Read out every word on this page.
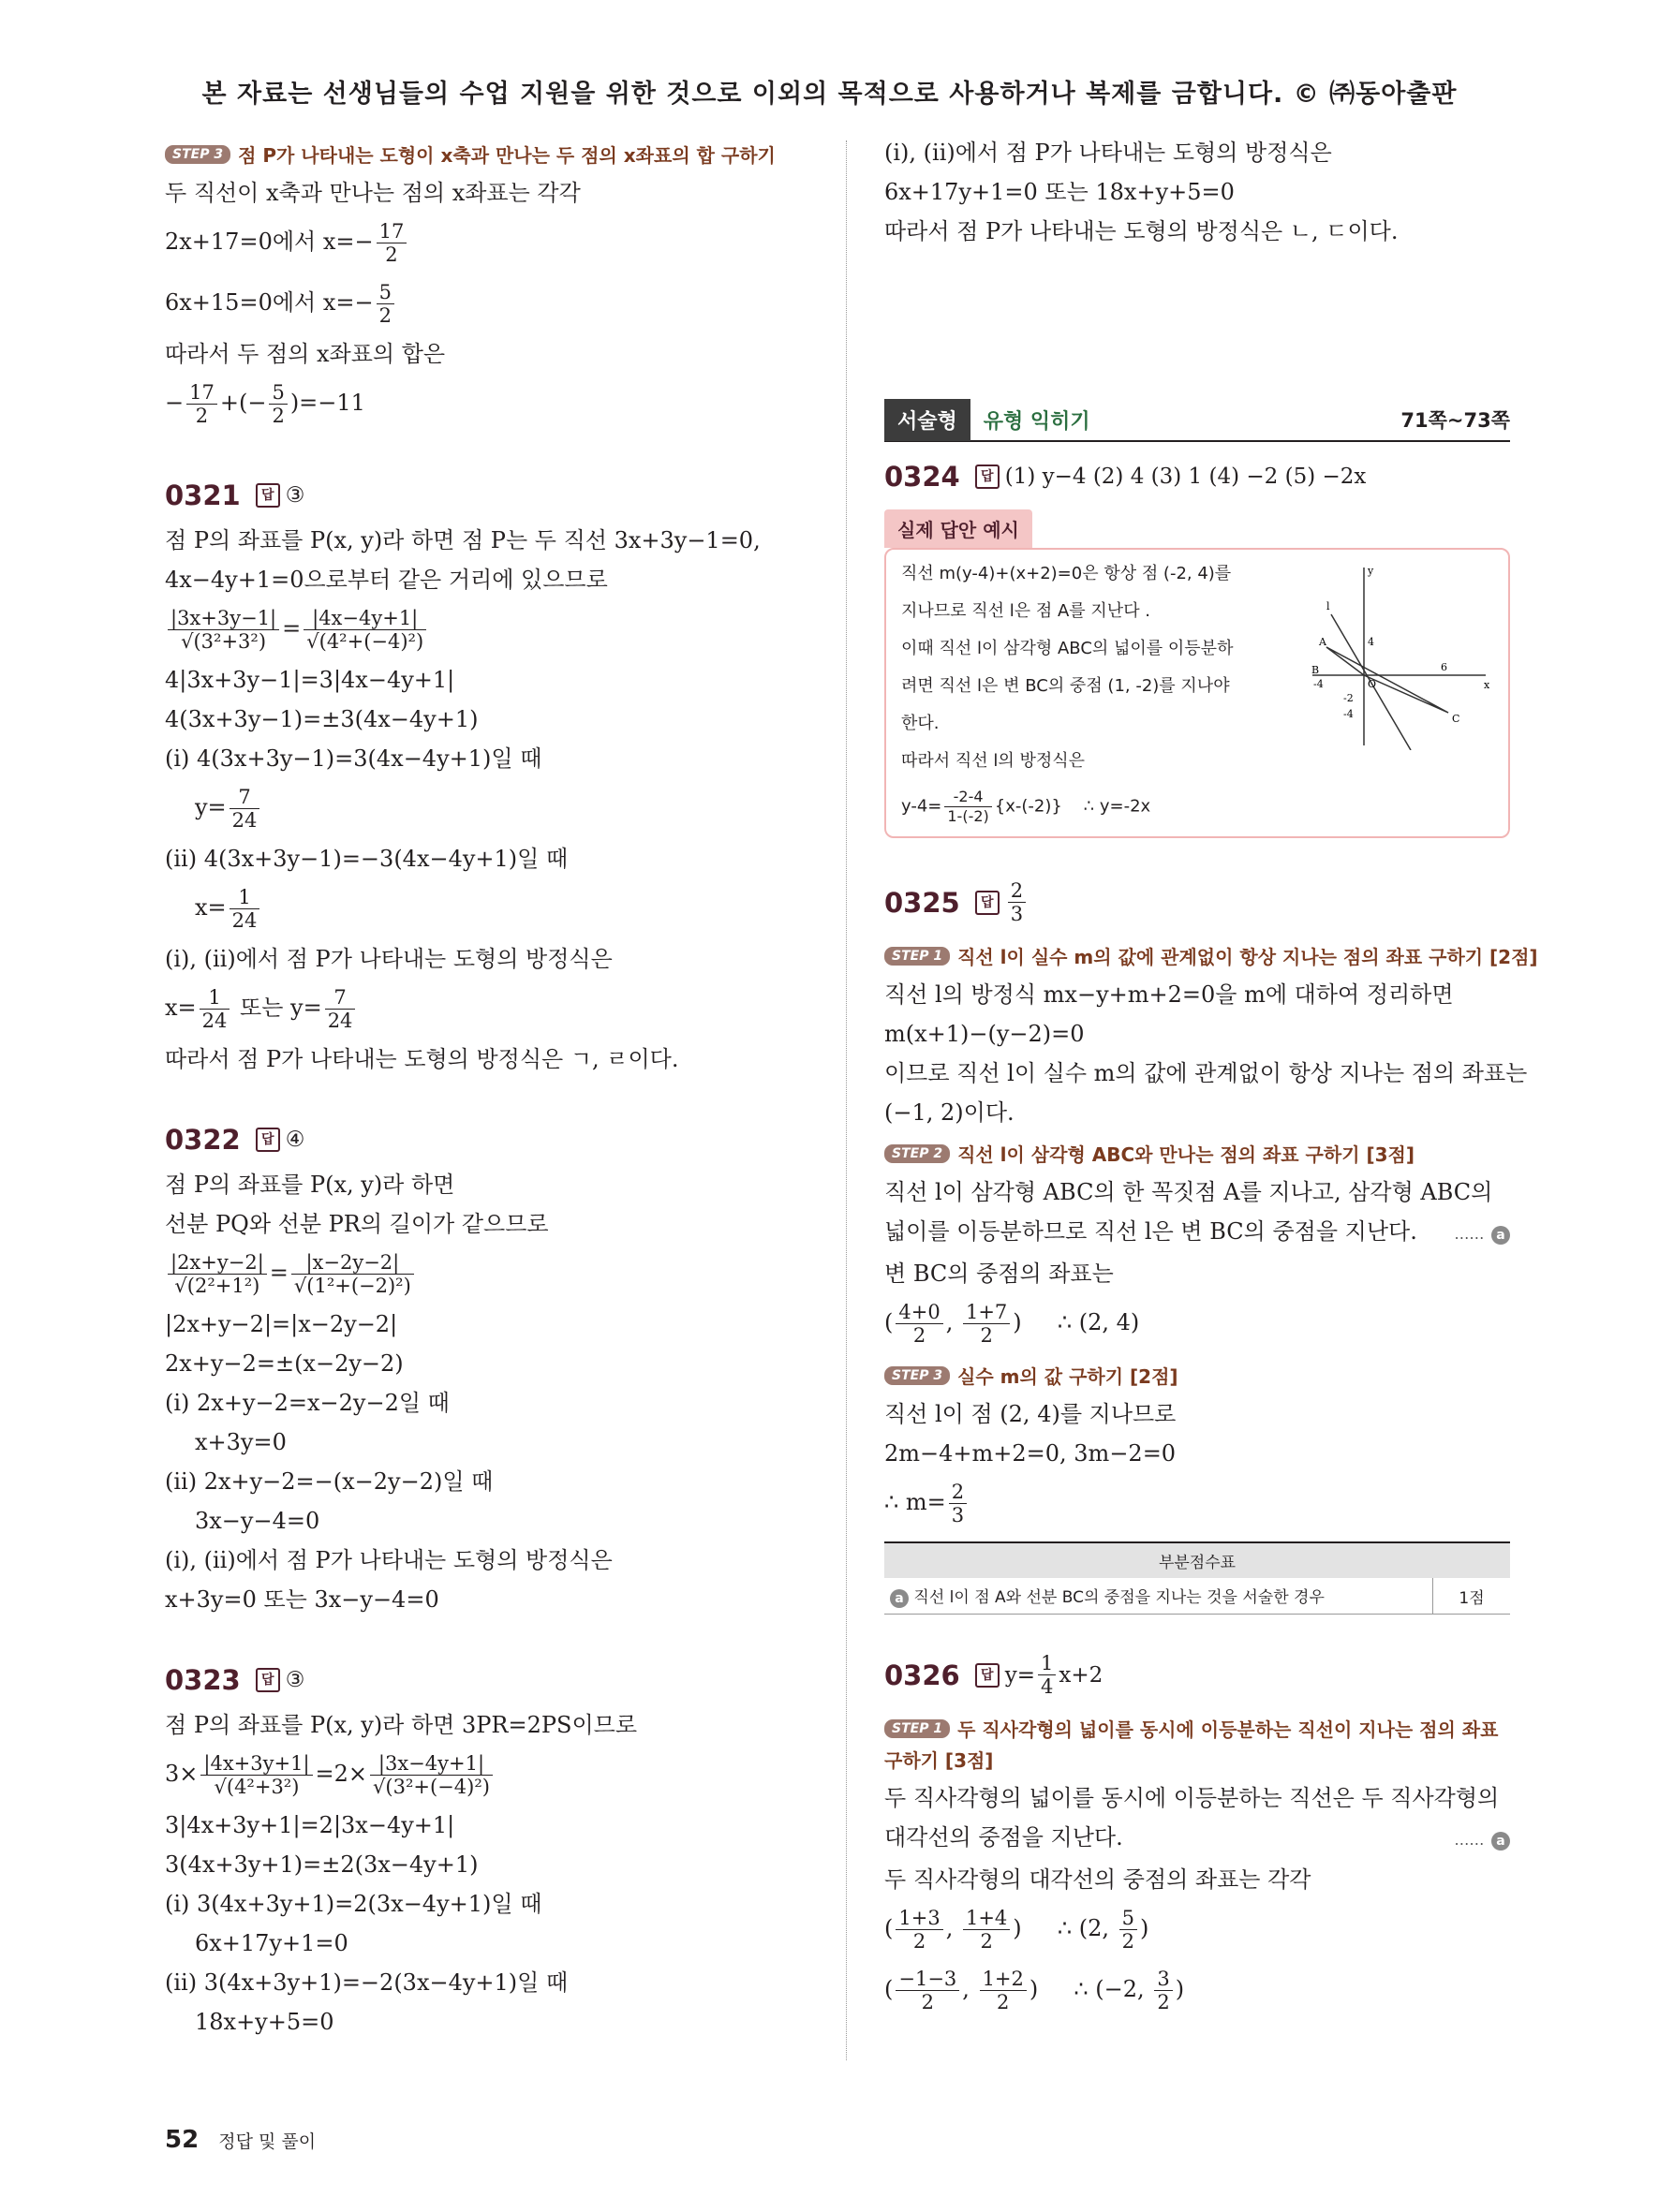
본 자료는 선생님들의 수업 지원을 위한 것으로 이외의 목적으로 사용하거나 복제를 금합니다. © ㈜동아출판
STEP 3 점 P가 나타내는 도형이 x축과 만나는 두 점의 x좌표의 합 구하기
두 직선이 x축과 만나는 점의 x좌표는 각각
2x+17=0에서 $x=- \frac{17}{2}$
6x+15=0에서 $x=- \frac{5}{2}$
따라서 두 점의 x좌표의 합은
− $\frac{17}{2}$ +(− $\frac{5}{2} )=-11$
0321	답 ③
점 P의 좌표를 P(x, y)라 하면 점 P는 두 직선 3x+3y−1=0,
4x−4y+1=0으로부터 같은 거리에 있으므로
$\frac{|3x+3y-1|}{\text{√(3²+3²)}} = \frac{|4x-4y+1|}{\text{√(4²+(−4)²)}}$
4|3x+3y−1|=3|4x−4y+1|
4(3x+3y−1)=±3(4x−4y+1)
(ⅰ) 4(3x+3y−1)=3(4x−4y+1)일 때
$y= \frac{7}{24}$
(ⅱ) 4(3x+3y−1)=−3(4x−4y+1)일 때
$x= \frac{1}{24}$
(ⅰ), (ⅱ)에서 점 P가 나타내는 도형의 방정식은
$x= \frac{1}{24}$ 또는 $y= \frac{7}{24}$
따라서 점 P가 나타내는 도형의 방정식은 ㄱ, ㄹ이다.
0322	답 ④
점 P의 좌표를 P(x, y)라 하면
선분 PQ와 선분 PR의 길이가 같으므로
$\frac{|2x+y-2|}{\text{√(2²+1²)}} = \frac{|x-2y-2|}{\text{√(1²+(−2)²)}}$
|2x+y−2|=|x−2y−2|
2x+y−2=±(x−2y−2)
(ⅰ) 2x+y−2=x−2y−2일 때
x+3y=0
(ⅱ) 2x+y−2=−(x−2y−2)일 때
3x−y−4=0
(ⅰ), (ⅱ)에서 점 P가 나타내는 도형의 방정식은
x+3y=0 또는 3x−y−4=0
0323	답 ③
점 P의 좌표를 P(x, y)라 하면 3PR=2PS이므로
$3\times \frac{|4x+3y+1|}{\text{√(4²+3²)}} =2\times \frac{|3x-4y+1|}{\text{√(3²+(−4)²)}}$
3|4x+3y+1|=2|3x−4y+1|
3(4x+3y+1)=±2(3x−4y+1)
(ⅰ) 3(4x+3y+1)=2(3x−4y+1)일 때
6x+17y+1=0
(ⅱ) 3(4x+3y+1)=−2(3x−4y+1)일 때
18x+y+5=0
(ⅰ), (ⅱ)에서 점 P가 나타내는 도형의 방정식은
6x+17y+1=0 또는 18x+y+5=0
따라서 점 P가 나타내는 도형의 방정식은 ㄴ, ㄷ이다.
서술형	유형 익히기	71쪽~73쪽
0324	답 (1) y−4 (2) 4 (3) 1 (4) −2 (5) −2x
실제 답안 예시
직선 m(y-4)+(x+2)=0은 항상 점 (-2, 4)를
지나므로 직선 l은 점 A를 지난다 .
이때 직선 l이 삼각형 ABC의 넓이를 이등분하
려면 직선 l은 변 BC의 중점 (1, -2)를 지나야
한다.
따라서 직선 l의 방정식은
$y-4= \frac{-2-4}{1-(-2)} \{x-(-2)\}$ ∴ y=-2x
y
x
l
A
B
C
O
4
6
-4
-2
-4
0325	답 $\frac{2}{3}$
STEP 1 직선 l이 실수 m의 값에 관계없이 항상 지나는 점의 좌표 구하기 [2점]
직선 l의 방정식 mx−y+m+2=0을 m에 대하여 정리하면
m(x+1)−(y−2)=0
이므로 직선 l이 실수 m의 값에 관계없이 항상 지나는 점의 좌표는
(−1, 2)이다.
STEP 2 직선 l이 삼각형 ABC와 만나는 점의 좌표 구하기 [3점]
직선 l이 삼각형 ABC의 한 꼭짓점 A를 지나고, 삼각형 ABC의
넓이를 이등분하므로 직선 l은 변 BC의 중점을 지난다. …… a
변 BC의 중점의 좌표는
( $\frac{4+0}{2}$ , $\frac{1+7}{2}$ )     ∴ (2, 4)
STEP 3 실수 m의 값 구하기 [2점]
직선 l이 점 (2, 4)를 지나므로
2m−4+m+2=0, 3m−2=0
∴ $m= \frac{2}{3}$
부분점수표
a 직선 l이 점 A와 선분 BC의 중점을 지나는 것을 서술한 경우	1점
0326	답 $y= \frac{1}{4} x+2$
STEP 1 두 직사각형의 넓이를 동시에 이등분하는 직선이 지나는 점의 좌표
구하기 [3점]
두 직사각형의 넓이를 동시에 이등분하는 직선은 두 직사각형의
대각선의 중점을 지난다.	…… a
두 직사각형의 대각선의 중점의 좌표는 각각
( $\frac{1+3}{2}$ , $\frac{1+4}{2}$ )     ∴ (2, $\frac{5}{2}$ )
( $\frac{-1-3}{2}$ , $\frac{1+2}{2}$ )     ∴ (−2, $\frac{3}{2}$ )
52 정답 및 풀이
